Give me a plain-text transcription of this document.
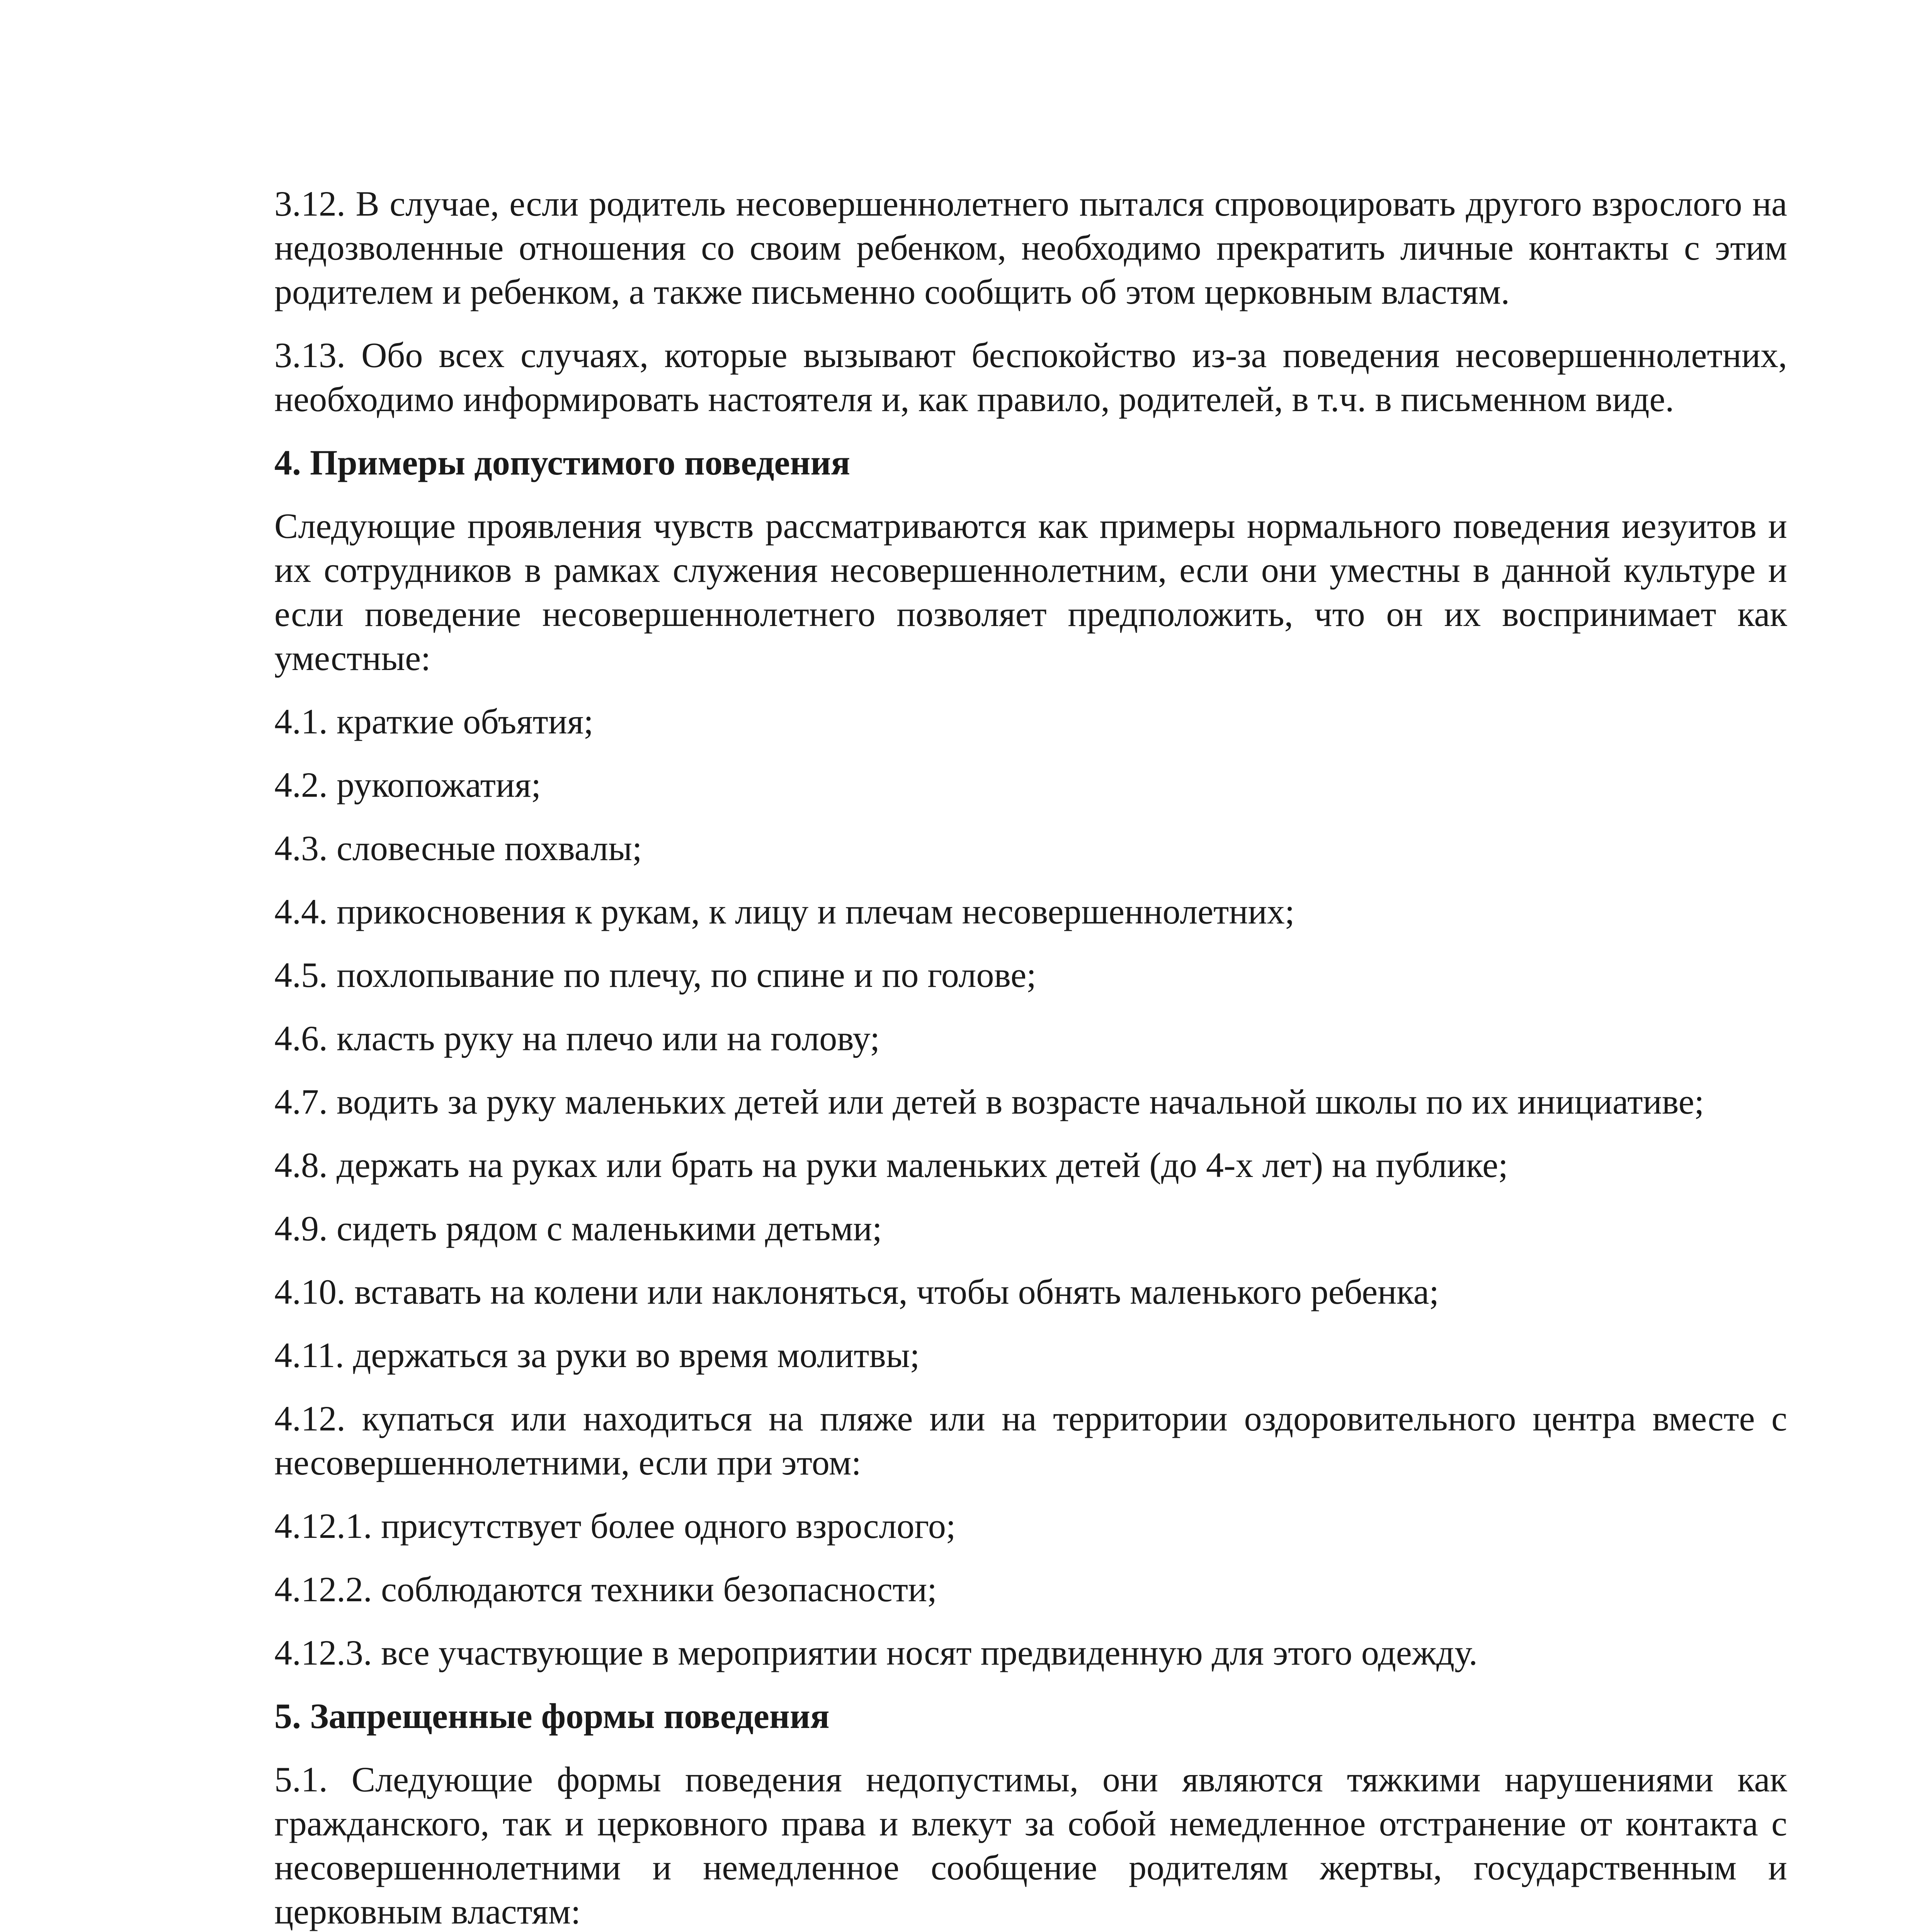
3.12. В случае, если родитель несовершеннолетнего пытался спровоцировать другого взрослого на недозволенные отношения со своим ребенком, необходимо прекратить личные контакты с этим родителем и ребенком, а также письменно сообщить об этом церковным властям.

3.13. Обо всех случаях, которые вызывают беспокойство из-за поведения несовершеннолетних, необходимо информировать настоятеля и, как правило, родителей, в т.ч. в письменном виде.

4. Примеры допустимого поведения

Следующие проявления чувств рассматриваются как примеры нормального поведения иезуитов и их сотрудников в рамках служения несовершеннолетним, если они уместны в данной культуре и если поведение несовершеннолетнего позволяет предположить, что он их воспринимает как уместные:

4.1. краткие объятия;

4.2. рукопожатия;

4.3. словесные похвалы;

4.4. прикосновения к рукам, к лицу и плечам несовершеннолетних;

4.5. похлопывание по плечу, по спине и по голове;

4.6. класть руку на плечо или на голову;

4.7. водить за руку маленьких детей или детей в возрасте начальной школы по их инициативе;

4.8. держать на руках или брать на руки маленьких детей (до 4-х лет) на публике;

4.9. сидеть рядом с маленькими детьми;

4.10. вставать на колени или наклоняться, чтобы обнять маленького ребенка;

4.11. держаться за руки во время молитвы;

4.12. купаться или находиться на пляже или на территории оздоровительного центра вместе с несовершеннолетними, если при этом:

4.12.1. присутствует более одного взрослого;

4.12.2. соблюдаются техники безопасности;

4.12.3. все участвующие в мероприятии носят предвиденную для этого одежду.

5. Запрещенные формы поведения

5.1. Следующие формы поведения недопустимы, они являются тяжкими нарушениями как гражданского, так и церковного права и влекут за собой немедленное отстранение от контакта с несовершеннолетними и немедленное сообщение родителям жертвы, государственным и церковным властям:
